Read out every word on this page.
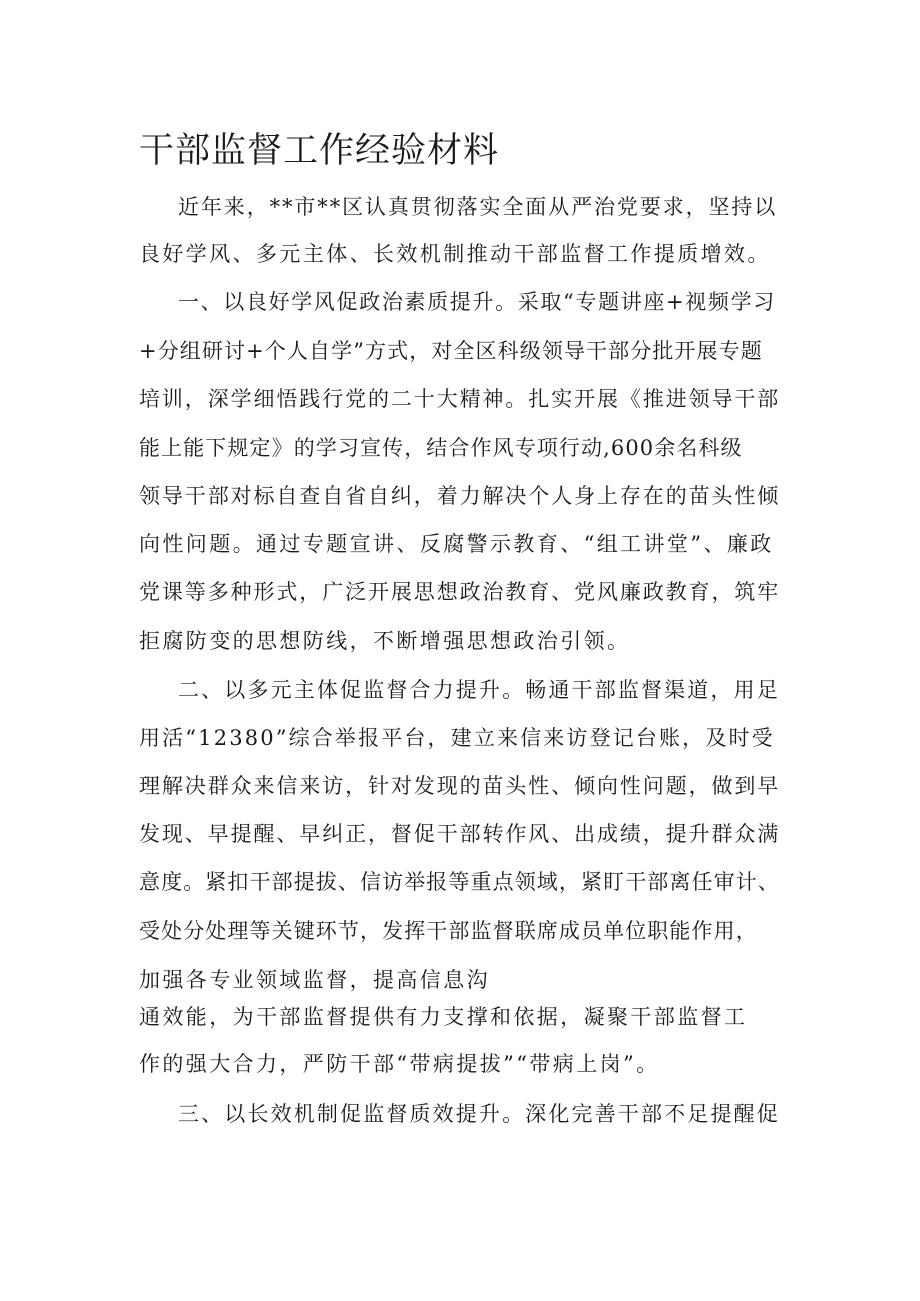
干部监督工作经验材料

近年来，**市**区认真贯彻落实全面从严治党要求，坚持以

良好学风、多元主体、长效机制推动干部监督工作提质增效。

一、以良好学风促政治素质提升。采取“专题讲座+视频学习

+分组研讨+个人自学”方式，对全区科级领导干部分批开展专题

培训，深学细悟践行党的二十大精神。扎实开展《推进领导干部

能上能下规定》的学习宣传，结合作风专项行动,600余名科级

领导干部对标自查自省自纠，着力解决个人身上存在的苗头性倾

向性问题。通过专题宣讲、反腐警示教育、“组工讲堂”、廉政

党课等多种形式，广泛开展思想政治教育、党风廉政教育，筑牢

拒腐防变的思想防线，不断增强思想政治引领。

二、以多元主体促监督合力提升。畅通干部监督渠道，用足

用活“12380”综合举报平台，建立来信来访登记台账，及时受

理解决群众来信来访，针对发现的苗头性、倾向性问题，做到早

发现、早提醒、早纠正，督促干部转作风、出成绩，提升群众满

意度。紧扣干部提拔、信访举报等重点领域，紧盯干部离任审计、

受处分处理等关键环节，发挥干部监督联席成员单位职能作用，

加强各专业领域监督，提高信息沟

通效能，为干部监督提供有力支撑和依据，凝聚干部监督工

作的强大合力，严防干部“带病提拔”“带病上岗”。

三、以长效机制促监督质效提升。深化完善干部不足提醒促
